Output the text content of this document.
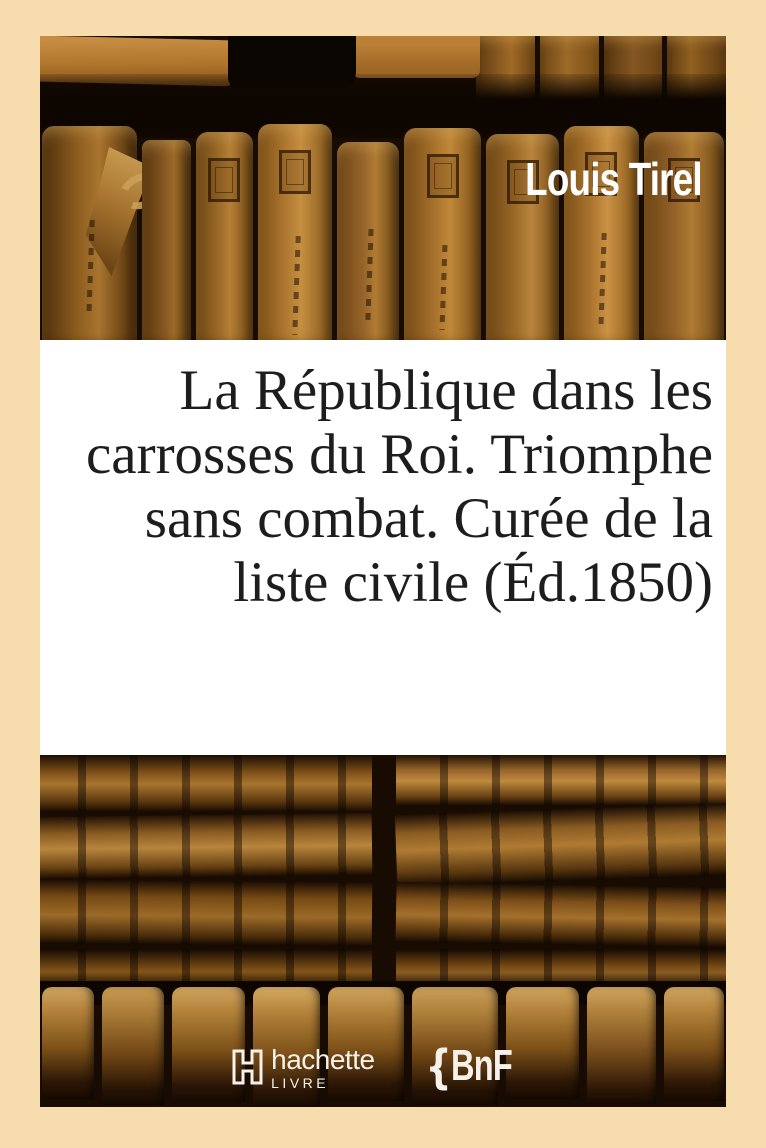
Louis Tirel
La République dans les
carrosses du Roi. Triomphe
sans combat. Curée de la
liste civile (Éd.1850)
hachette
LIVRE	{ BnF
